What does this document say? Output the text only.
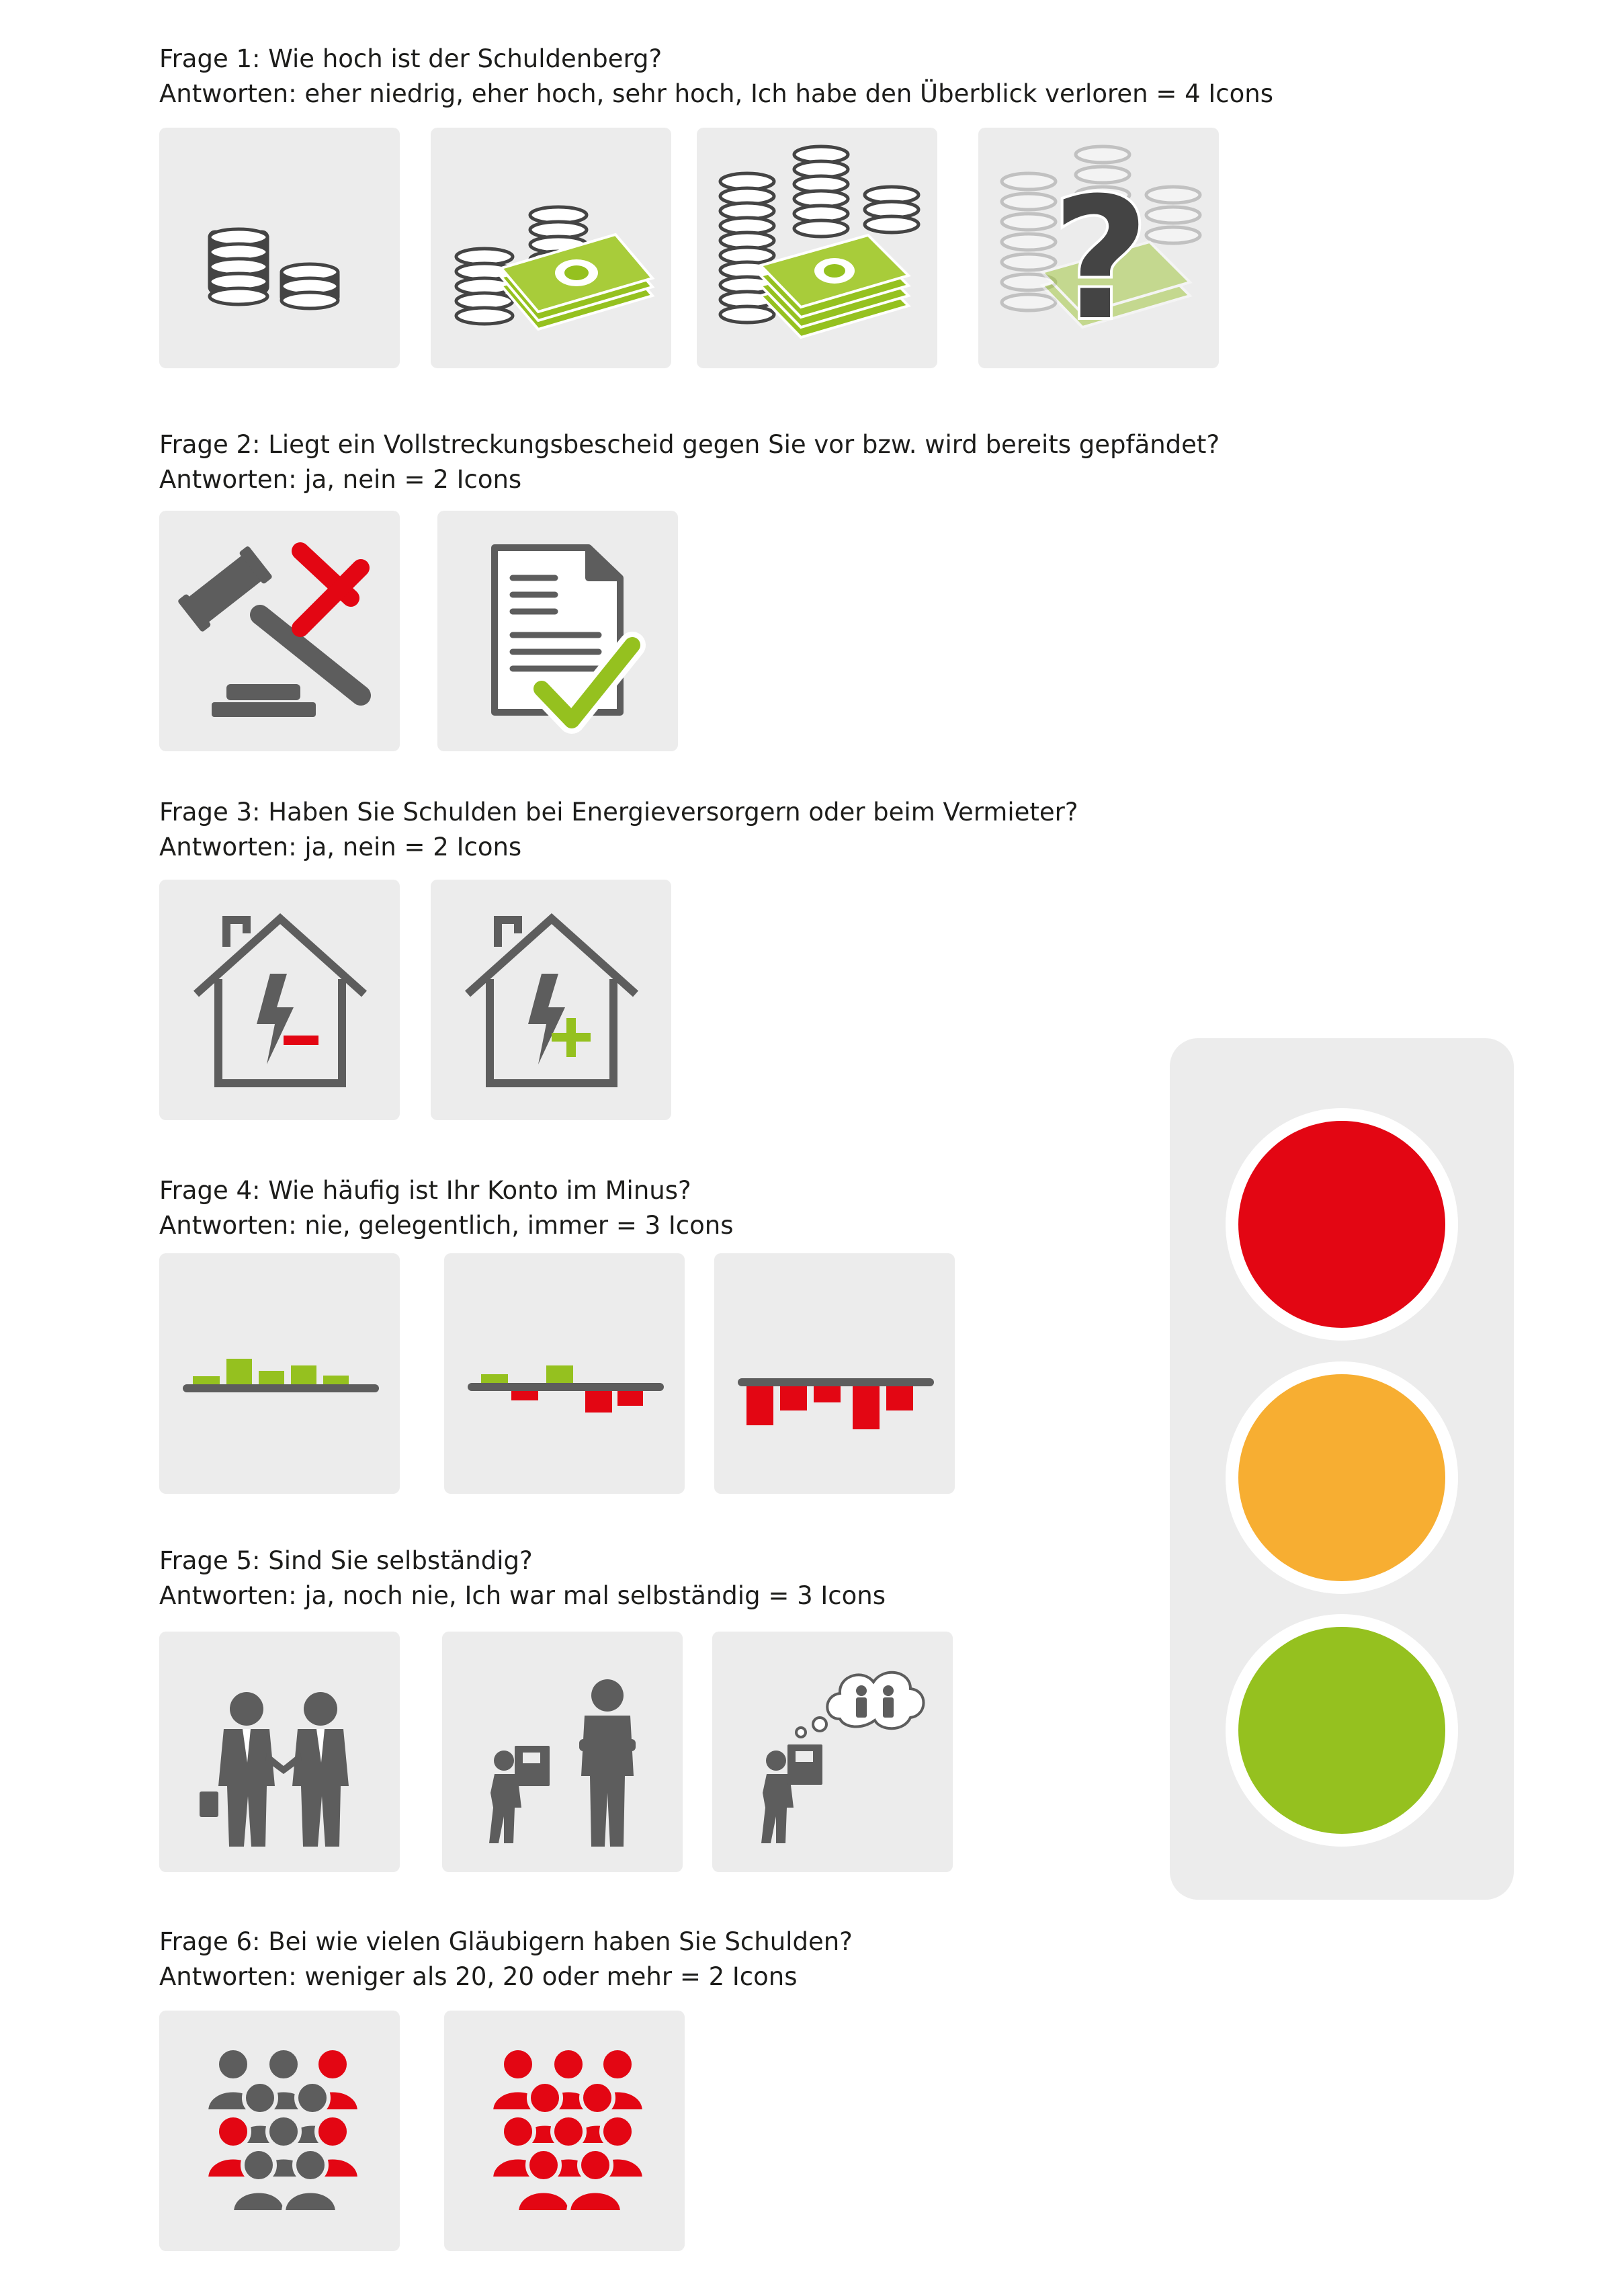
Frage 1: Wie hoch ist der Schuldenberg?
Antworten: eher niedrig, eher hoch, sehr hoch, Ich habe den Überblick verloren = 4 Icons
?
Frage 2: Liegt ein Vollstreckungsbescheid gegen Sie vor bzw. wird bereits gepfändet?
Antworten: ja, nein = 2 Icons
Frage 3: Haben Sie Schulden bei Energieversorgern oder beim Vermieter?
Antworten: ja, nein = 2 Icons
Frage 4: Wie häufig ist Ihr Konto im Minus?
Antworten: nie, gelegentlich, immer = 3 Icons
Frage 5: Sind Sie selbständig?
Antworten: ja, noch nie, Ich war mal selbständig = 3 Icons
Frage 6: Bei wie vielen Gläubigern haben Sie Schulden?
Antworten: weniger als 20, 20 oder mehr = 2 Icons
